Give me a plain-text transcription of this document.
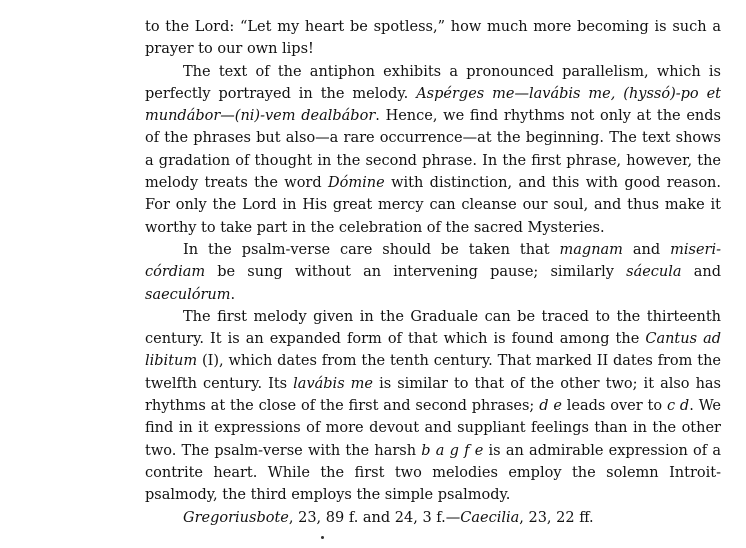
to the Lord: “Let my heart be spotless,” how much more becoming is such a prayer to our own lips!

The text of the antiphon exhibits a pronounced parallelism, which is perfectly portrayed in the melody. Aspérges me—lavábis me, (hyssó)-po et mundábor—(ni)-vem dealbábor. Hence, we find rhythms not only at the ends of the phrases but also—a rare occurrence—at the beginning. The text shows a gradation of thought in the second phrase. In the first phrase, however, the melody treats the word Dómine with distinction, and this with good reason. For only the Lord in His great mercy can cleanse our soul, and thus make it worthy to take part in the celebration of the sacred Mysteries.

In the psalm-verse care should be taken that magnam and miseri-córdiam be sung without an intervening pause; similarly sáecula and saeculórum.

The first melody given in the Graduale can be traced to the thirteenth century. It is an expanded form of that which is found among the Cantus ad libitum (I), which dates from the tenth century. That marked II dates from the twelfth century. Its lavábis me is similar to that of the other two; it also has rhythms at the close of the first and second phrases; d e leads over to c d. We find in it expressions of more devout and suppliant feelings than in the other two. The psalm-verse with the harsh b a g f e is an admirable expression of a contrite heart. While the first two melodies employ the solemn Introit-psalmody, the third employs the simple psalmody.

Gregoriusbote, 23, 89 f. and 24, 3 f.—Caecilia, 23, 22 ff.
